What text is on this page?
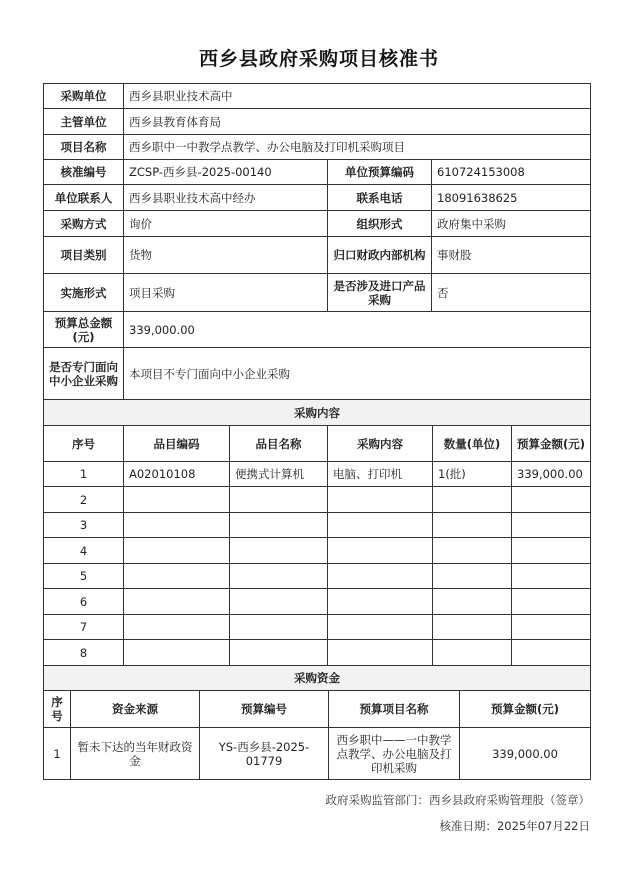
西乡县政府采购项目核准书
采购单位	西乡县职业技术高中		
主管单位	西乡县教育体育局		
项目名称	西乡职中一中教学点教学、办公电脑及打印机采购项目		
核准编号	ZCSP-西乡县-2025-00140	单位预算编码	610724153008
单位联系人	西乡县职业技术高中经办	联系电话	18091638625
采购方式	询价	组织形式	政府集中采购
项目类别	货物	归口财政内部机构	事财股
实施形式	项目采购	是否涉及进口产品采购	否
预算总金额(元)	339,000.00		
是否专门面向中小企业采购	本项目不专门面向中小企业采购		
采购内容					
序号	品目编码	品目名称	采购内容	数量(单位)	预算金额(元)
1	A02010108	便携式计算机	电脑、打印机	1(批)	339,000.00
2					
3					
4					
5					
6					
7					
8					
采购资金				
序号	资金来源	预算编号	预算项目名称	预算金额(元)
1	暂未下达的当年财政资金	YS-西乡县-2025-01779	西乡职中——一中教学点教学、办公电脑及打印机采购	339,000.00
政府采购监管部门：西乡县政府采购管理股（签章）
核准日期：2025年07月22日
